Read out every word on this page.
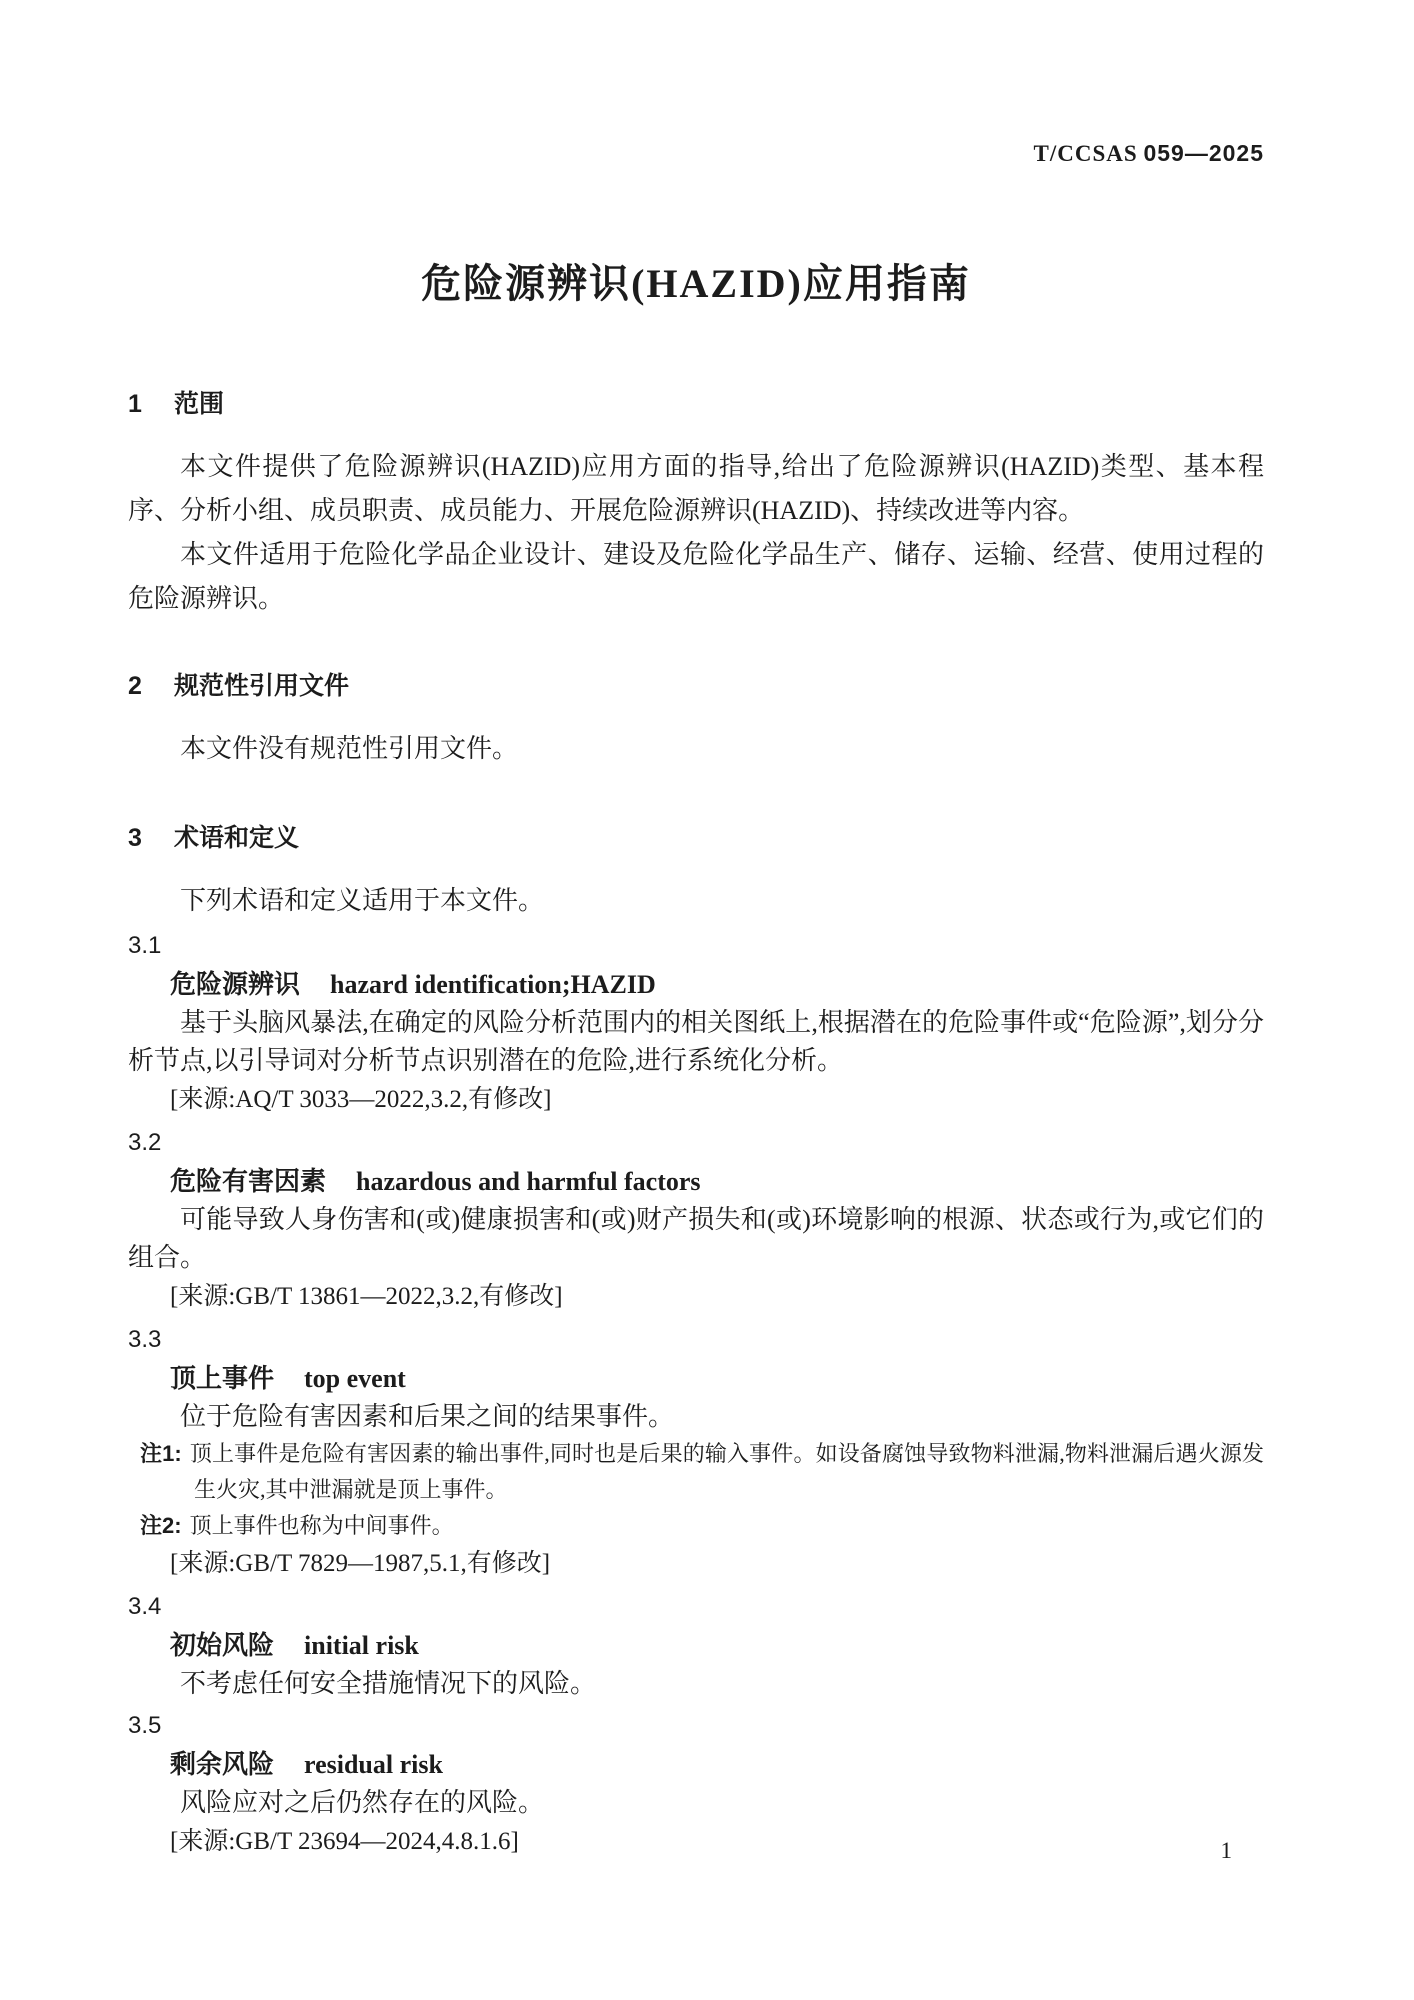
T/CCSAS 059—2025
危险源辨识(HAZID)应用指南
1 范围

本文件提供了危险源辨识(HAZID)应用方面的指导,给出了危险源辨识(HAZID)类型、基本程序、分析小组、成员职责、成员能力、开展危险源辨识(HAZID)、持续改进等内容。

本文件适用于危险化学品企业设计、建设及危险化学品生产、储存、运输、经营、使用过程的危险源辨识。

2 规范性引用文件

本文件没有规范性引用文件。

3 术语和定义

下列术语和定义适用于本文件。

3.1

危险源辨识 hazard identification;HAZID

基于头脑风暴法,在确定的风险分析范围内的相关图纸上,根据潜在的危险事件或“危险源”,划分分析节点,以引导词对分析节点识别潜在的危险,进行系统化分析。

[来源:AQ/T 3033—2022,3.2,有修改]

3.2

危险有害因素 hazardous and harmful factors

可能导致人身伤害和(或)健康损害和(或)财产损失和(或)环境影响的根源、状态或行为,或它们的组合。

[来源:GB/T 13861—2022,3.2,有修改]

3.3

顶上事件 top event

位于危险有害因素和后果之间的结果事件。

注1: 顶上事件是危险有害因素的输出事件,同时也是后果的输入事件。如设备腐蚀导致物料泄漏,物料泄漏后遇火源发生火灾,其中泄漏就是顶上事件。

注2: 顶上事件也称为中间事件。

[来源:GB/T 7829—1987,5.1,有修改]

3.4

初始风险 initial risk

不考虑任何安全措施情况下的风险。

3.5

剩余风险 residual risk

风险应对之后仍然存在的风险。

[来源:GB/T 23694—2024,4.8.1.6]	1
